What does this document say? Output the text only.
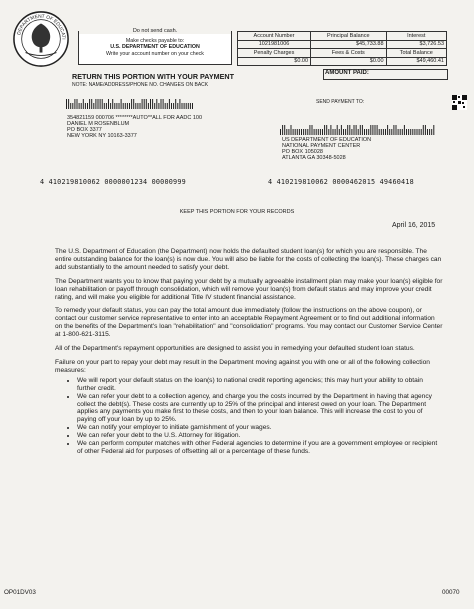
DEPARTMENT OF EDUCATI
Do not send cash.
Make checks payable to:
U.S. DEPARTMENT OF EDUCATION
Write your account number on your check
Account Number	Principal Balance	Interest
1021981006	$45,733.88	$3,726.53
Penalty Charges	Fees & Costs	Total Balance
$0.00	$0.00	$49,460.41
AMOUNT PAID:
RETURN THIS PORTION WITH YOUR PAYMENT
NOTE: NAME/ADDRESS/PHONE NO. CHANGES ON BACK
354821159 000706 ********AUTO**ALL FOR AADC 100
DANIEL M ROSENBLUM
PO BOX 3377
NEW YORK NY 10163-3377
SEND PAYMENT TO:
US DEPARTMENT OF EDUCATION
NATIONAL PAYMENT CENTER
PO BOX 105028
ATLANTA GA 30348-5028
4 410219810062 0000001234 00000999	4 410219810062 0000462015 49460418
KEEP THIS PORTION FOR YOUR RECORDS
April 16, 2015

The U.S. Department of Education (the Department) now holds the defaulted student loan(s) for which you are responsible. The entire outstanding balance for the loan(s) is now due. You will also be liable for the costs of collecting the loan(s). These charges can add substantially to the amount needed to satisfy your debt.

The Department wants you to know that paying your debt by a mutually agreeable installment plan may make your loan(s) eligible for loan rehabilitation or payoff through consolidation, which will remove your loan(s) from default status and may improve your credit rating, and will make you eligible for additional Title IV student financial assistance.

To remedy your default status, you can pay the total amount due immediately (follow the instructions on the above coupon), or contact our customer service representative to enter into an acceptable Repayment Agreement or to find out additional information on the benefits of the Department's loan "rehabilitation" and "consolidation" programs. You may contact our Customer Service Center at 1-800-621-3115.

All of the Department's repayment opportunities are designed to assist you in remedying your defaulted student loan status.

Failure on your part to repay your debt may result in the Department moving against you with one or all of the following collection measures:

• We will report your default status on the loan(s) to national credit reporting agencies; this may hurt your ability to obtain further credit.
• We can refer your debt to a collection agency, and charge you the costs incurred by the Department in having that agency collect the debt(s). These costs are currently up to 25% of the principal and interest owed on your loan. The Department applies any payments you make first to these costs, and then to your loan balance. This will increase the cost to you of paying off your loan by up to 25%.
• We can notify your employer to initiate garnishment of your wages.
• We can refer your debt to the U.S. Attorney for litigation.
• We can perform computer matches with other Federal agencies to determine if you are a government employee or recipient of other Federal aid for purposes of offsetting all or a percentage of these funds.
OP01DV03	00070
